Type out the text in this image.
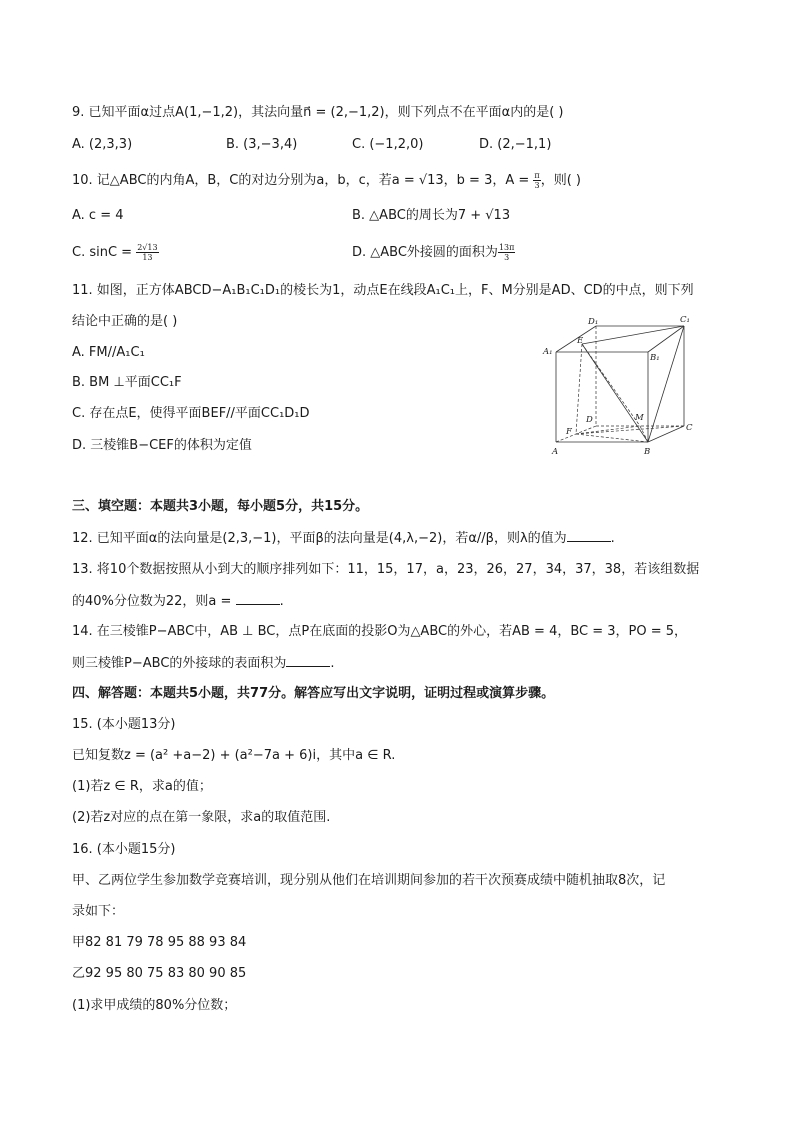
9. 已知平面α过点A(1,−1,2)，其法向量n⃗ = (2,−1,2)，则下列点不在平面α内的是( )
A. (2,3,3)	B. (3,−3,4)	C. (−1,2,0)	D. (2,−1,1)
10. 记△ABC的内角A，B，C的对边分别为a，b，c，若a = √13，b = 3，$A = \frac{\pi}{3}$ ，则( )
A. c = 4	B. △ABC的周长为7 + √13
C. $\sin C = \frac{2√13}{13}$	D. △ABC外接圆的面积为 $\frac{13\pi}{3}$
11. 如图，正方体ABCD−A₁B₁C₁D₁的棱长为1，动点E在线段A₁C₁上，F、M分别是AD、CD的中点，则下列
结论中正确的是( )
A. FM//A₁C₁
B. BM ⊥平面CC₁F
C. 存在点E，使得平面BEF//平面CC₁D₁D
D. 三棱锥B−CEF的体积为定值
D₁	C₁
A₁
E
B₁
D	M
C
F
A	B
三、填空题：本题共3小题，每小题5分，共15分。
12. 已知平面α的法向量是(2,3,−1)，平面β的法向量是(4,λ,−2)，若α//β，则λ的值为	.
13. 将10个数据按照从小到大的顺序排列如下：11，15，17，a，23，26，27，34，37，38，若该组数据
的40%分位数为22，则a =	.
14. 在三棱锥P−ABC中，AB ⊥ BC，点P在底面的投影O为△ABC的外心，若AB = 4，BC = 3，PO = 5，
则三棱锥P−ABC的外接球的表面积为	.
四、解答题：本题共5小题，共77分。解答应写出文字说明，证明过程或演算步骤。
15. (本小题13分)
已知复数z = (a² +a−2) + (a²−7a + 6)i，其中a ∈ R.
(1)若z ∈ R，求a的值；
(2)若z对应的点在第一象限，求a的取值范围.
16. (本小题15分)
甲、乙两位学生参加数学竞赛培训，现分别从他们在培训期间参加的若干次预赛成绩中随机抽取8次，记
录如下：
甲82 81 79 78 95 88 93 84
乙92 95 80 75 83 80 90 85
(1)求甲成绩的80%分位数；
